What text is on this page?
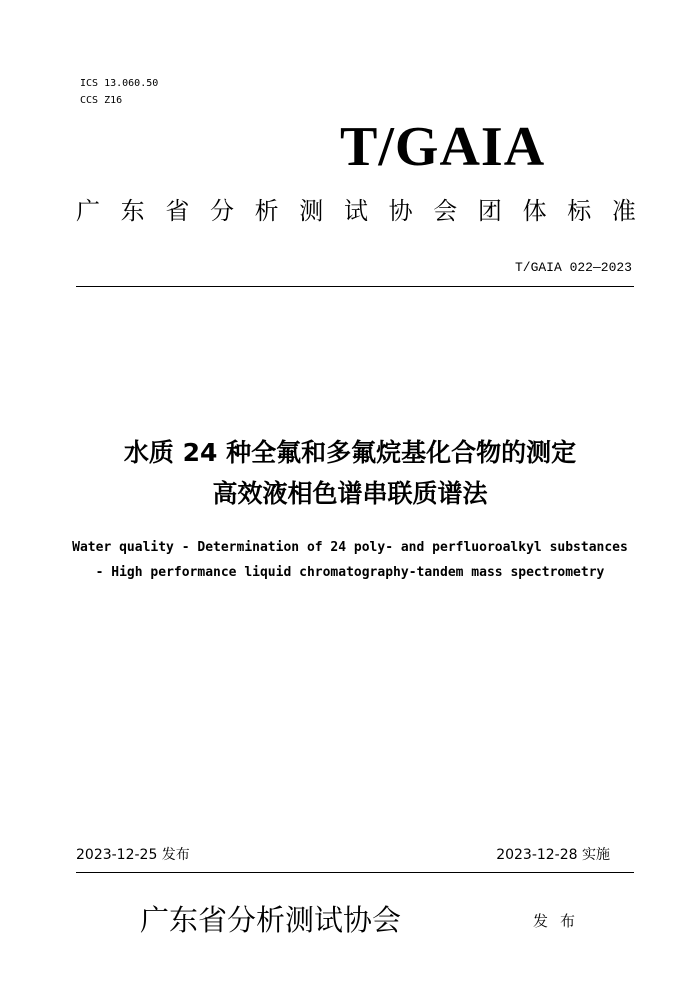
ICS 13.060.50
CCS Z16
T/GAIA
广 东 省 分 析 测 试 协 会 团 体 标 准
T/GAIA 022—2023
水质 24 种全氟和多氟烷基化合物的测定
高效液相色谱串联质谱法
Water quality - Determination of 24 poly- and perfluoroalkyl substances
- High performance liquid chromatography-tandem mass spectrometry
2023-12-25 发布	2023-12-28 实施
广东省分析测试协会	发布
